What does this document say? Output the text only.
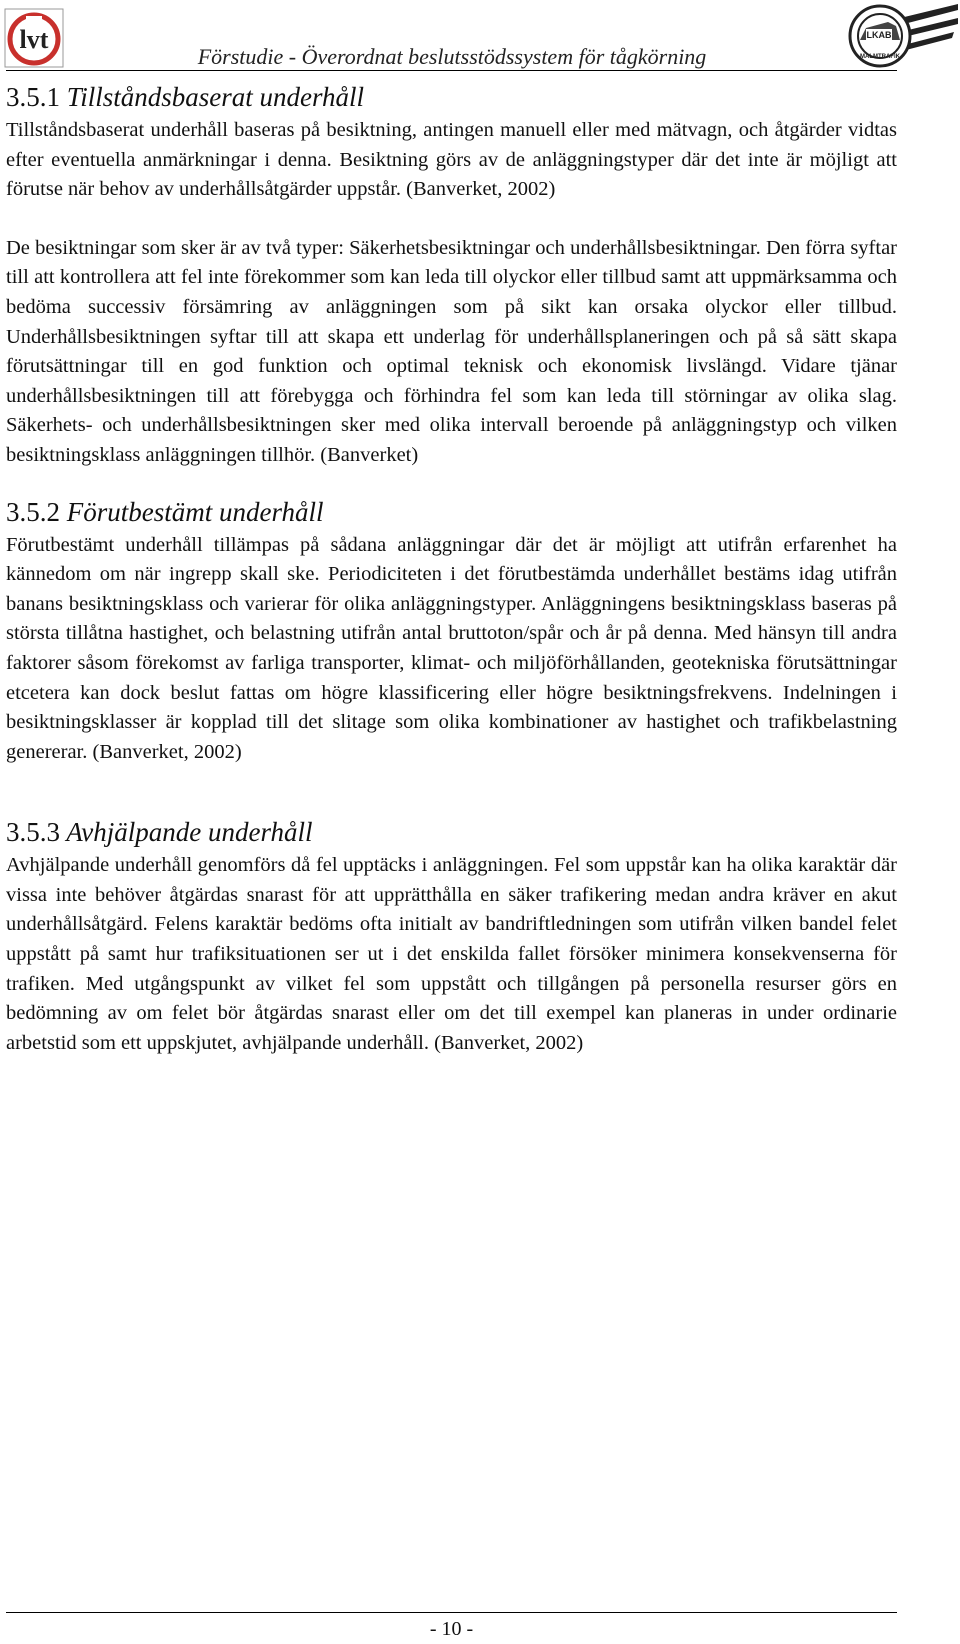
lvt
Förstudie - Överordnat beslutsstödssystem för tågkörning
LKAB
MALMTRAFIK
3.5.1 Tillståndsbaserat underhåll

Tillståndsbaserat underhåll baseras på besiktning, antingen manuell eller med mätvagn, och åtgärder vidtas efter eventuella anmärkningar i denna. Besiktning görs av de anläggningstyper där det inte är möjligt att förutse när behov av underhållsåtgärder uppstår. (Banverket, 2002)

De besiktningar som sker är av två typer: Säkerhetsbesiktningar och underhållsbesiktningar. Den förra syftar till att kontrollera att fel inte förekommer som kan leda till olyckor eller tillbud samt att uppmärksamma och bedöma successiv försämring av anläggningen som på sikt kan orsaka olyckor eller tillbud. Underhållsbesiktningen syftar till att skapa ett underlag för underhållsplaneringen och på så sätt skapa förutsättningar till en god funktion och optimal teknisk och ekonomisk livslängd. Vidare tjänar underhållsbesiktningen till att förebygga och förhindra fel som kan leda till störningar av olika slag. Säkerhets- och underhållsbesiktningen sker med olika intervall beroende på anläggningstyp och vilken besiktningsklass anläggningen tillhör. (Banverket)

3.5.2 Förutbestämt underhåll

Förutbestämt underhåll tillämpas på sådana anläggningar där det är möjligt att utifrån erfarenhet ha kännedom om när ingrepp skall ske. Periodiciteten i det förutbestämda underhållet bestäms idag utifrån banans besiktningsklass och varierar för olika anläggningstyper. Anläggningens besiktningsklass baseras på största tillåtna hastighet, och belastning utifrån antal bruttoton/spår och år på denna. Med hänsyn till andra faktorer såsom förekomst av farliga transporter, klimat- och miljöförhållanden, geotekniska förutsättningar etcetera kan dock beslut fattas om högre klassificering eller högre besiktningsfrekvens. Indelningen i besiktningsklasser är kopplad till det slitage som olika kombinationer av hastighet och trafikbelastning genererar. (Banverket, 2002)

3.5.3 Avhjälpande underhåll

Avhjälpande underhåll genomförs då fel upptäcks i anläggningen. Fel som uppstår kan ha olika karaktär där vissa inte behöver åtgärdas snarast för att upprätthålla en säker trafikering medan andra kräver en akut underhållsåtgärd. Felens karaktär bedöms ofta initialt av bandriftledningen som utifrån vilken bandel felet uppstått på samt hur trafiksituationen ser ut i det enskilda fallet försöker minimera konsekvenserna för trafiken. Med utgångspunkt av vilket fel som uppstått och tillgången på personella resurser görs en bedömning av om felet bör åtgärdas snarast eller om det till exempel kan planeras in under ordinarie arbetstid som ett uppskjutet, avhjälpande underhåll. (Banverket, 2002)

- 10 -
